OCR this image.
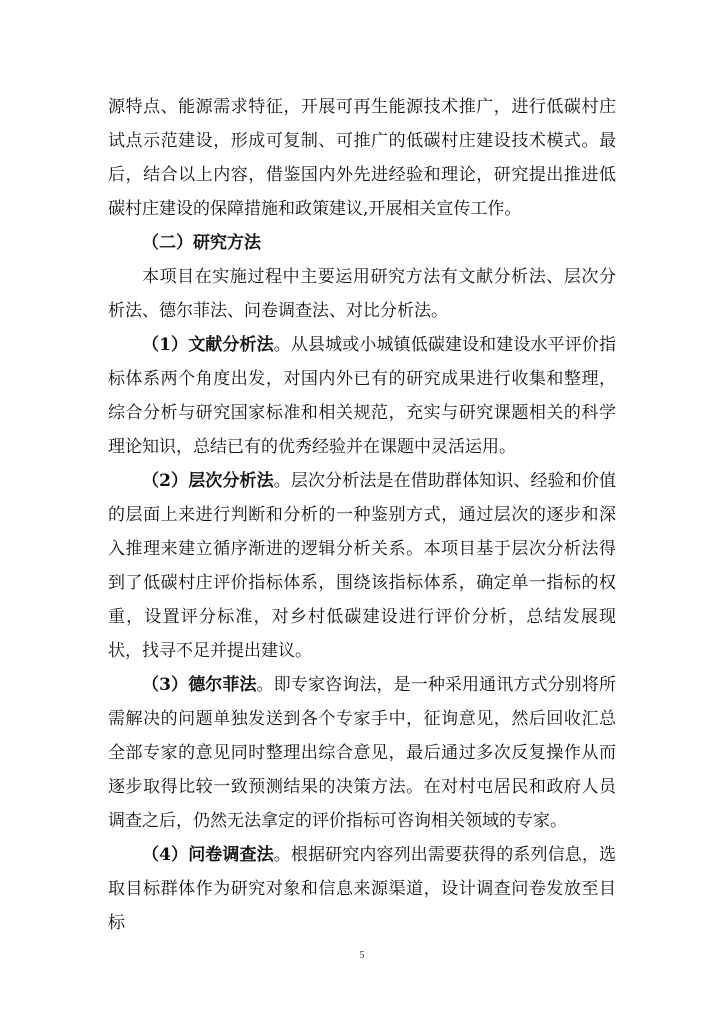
源特点、能源需求特征，开展可再生能源技术推广，进行低碳村庄试点示范建设，形成可复制、可推广的低碳村庄建设技术模式。最后，结合以上内容，借鉴国内外先进经验和理论，研究提出推进低碳村庄建设的保障措施和政策建议,开展相关宣传工作。

（二）研究方法

本项目在实施过程中主要运用研究方法有文献分析法、层次分析法、德尔菲法、问卷调查法、对比分析法。

（1）文献分析法。从县城或小城镇低碳建设和建设水平评价指标体系两个角度出发，对国内外已有的研究成果进行收集和整理，综合分析与研究国家标准和相关规范，充实与研究课题相关的科学理论知识，总结已有的优秀经验并在课题中灵活运用。

（2）层次分析法。层次分析法是在借助群体知识、经验和价值的层面上来进行判断和分析的一种鉴别方式，通过层次的逐步和深入推理来建立循序渐进的逻辑分析关系。本项目基于层次分析法得到了低碳村庄评价指标体系，围绕该指标体系，确定单一指标的权重，设置评分标准，对乡村低碳建设进行评价分析，总结发展现状，找寻不足并提出建议。

（3）德尔菲法。即专家咨询法，是一种采用通讯方式分别将所需解决的问题单独发送到各个专家手中，征询意见，然后回收汇总全部专家的意见同时整理出综合意见，最后通过多次反复操作从而逐步取得比较一致预测结果的决策方法。在对村屯居民和政府人员调查之后，仍然无法拿定的评价指标可咨询相关领域的专家。

（4）问卷调查法。根据研究内容列出需要获得的系列信息，选取目标群体作为研究对象和信息来源渠道，设计调查问卷发放至目标

5
